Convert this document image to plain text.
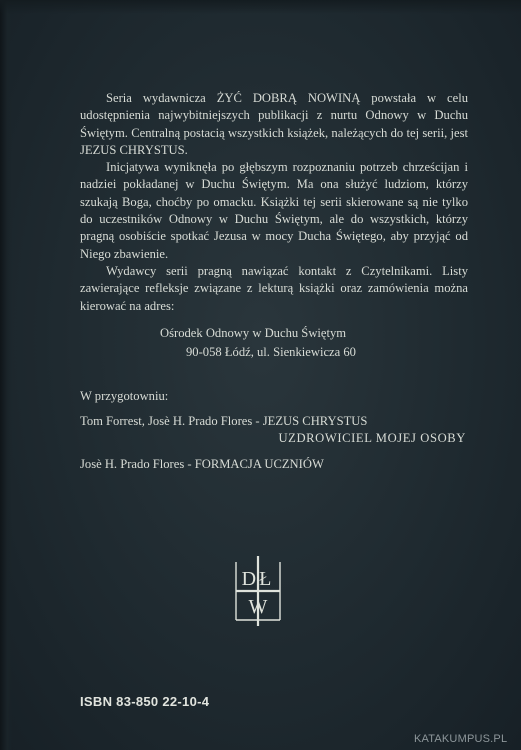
Seria wydawnicza ŻYĆ DOBRĄ NOWINĄ powstała w celu udostępnienia najwybitniejszych publikacji z nurtu Odnowy w Duchu Świętym. Centralną postacią wszystkich książek, należących do tej serii, jest JEZUS CHRYSTUS.

Inicjatywa wyniknęła po głębszym rozpoznaniu potrzeb chrześcijan i nadziei pokładanej w Duchu Świętym. Ma ona służyć ludziom, którzy szukają Boga, choćby po omacku. Książki tej serii skierowane są nie tylko do uczestników Odnowy w Duchu Świętym, ale do wszystkich, którzy pragną osobiście spotkać Jezusa w mocy Ducha Świętego, aby przyjąć od Niego zbawienie.

Wydawcy serii pragną nawiązać kontakt z Czytelnikami. Listy zawierające refleksje związane z lekturą książki oraz zamówienia można kierować na adres:

Ośrodek Odnowy w Duchu Świętym
90-058 Łódź, ul. Sienkiewicza 60
W przygotowniu:
Tom Forrest, Josè H. Prado Flores - JEZUS CHRYSTUS
UZDROWICIEL MOJEJ OSOBY
Josè H. Prado Flores - FORMACJA UCZNIÓW
DŁ
W
ISBN 83-850 22-10-4
KATAKUMPUS.PL
